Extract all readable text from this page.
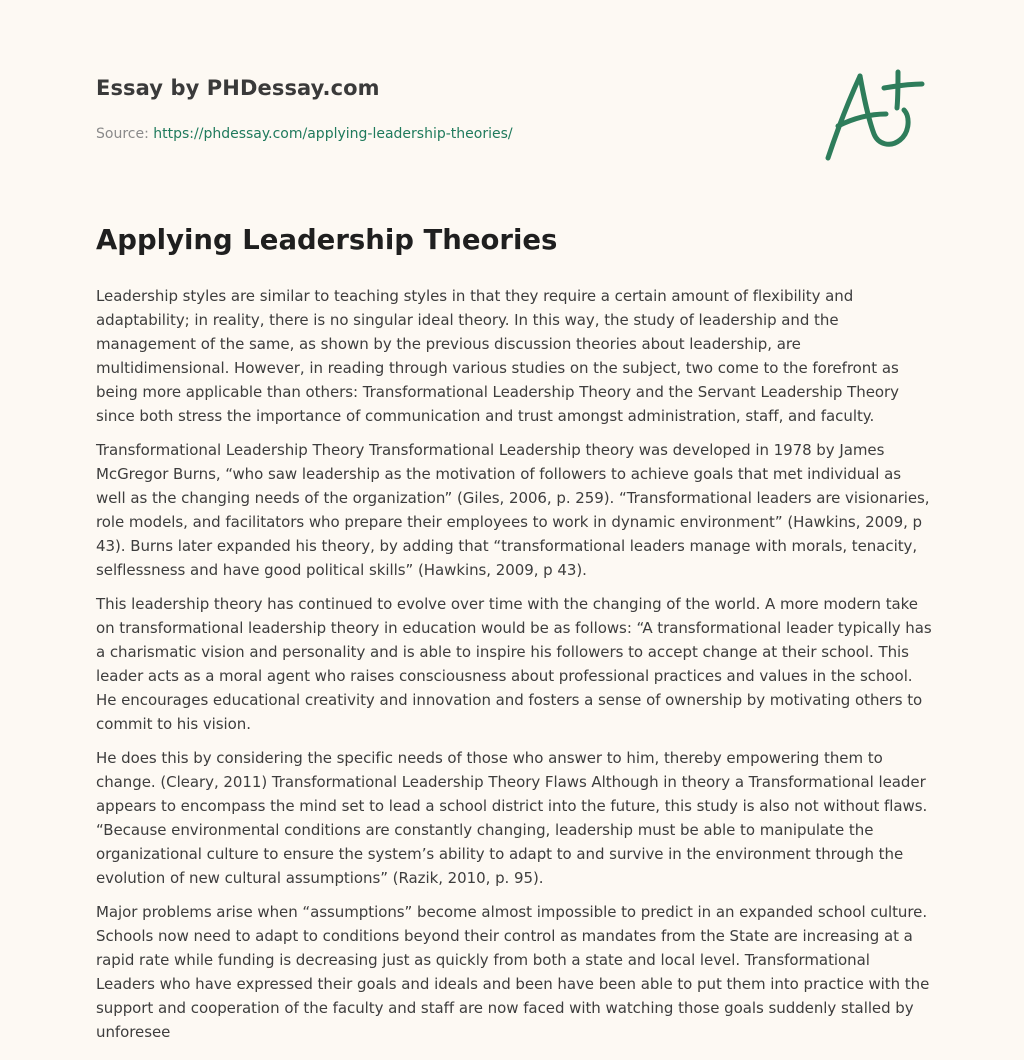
Essay by PHDessay.com
Source: https://phdessay.com/applying-leadership-theories/
Applying Leadership Theories

Leadership styles are similar to teaching styles in that they require a certain amount of flexibility and adaptability; in reality, there is no singular ideal theory. In this way, the study of leadership and the management of the same, as shown by the previous discussion theories about leadership, are multidimensional. However, in reading through various studies on the subject, two come to the forefront as being more applicable than others: Transformational Leadership Theory and the Servant Leadership Theory since both stress the importance of communication and trust amongst administration, staff, and faculty.

Transformational Leadership Theory Transformational Leadership theory was developed in 1978 by James McGregor Burns, “who saw leadership as the motivation of followers to achieve goals that met individual as well as the changing needs of the organization” (Giles, 2006, p. 259). “Transformational leaders are visionaries, role models, and facilitators who prepare their employees to work in dynamic environment” (Hawkins, 2009, p 43). Burns later expanded his theory, by adding that “transformational leaders manage with morals, tenacity, selflessness and have good political skills” (Hawkins, 2009, p 43).

This leadership theory has continued to evolve over time with the changing of the world. A more modern take on transformational leadership theory in education would be as follows: “A transformational leader typically has a charismatic vision and personality and is able to inspire his followers to accept change at their school. This leader acts as a moral agent who raises consciousness about professional practices and values in the school. He encourages educational creativity and innovation and fosters a sense of ownership by motivating others to commit to his vision.

He does this by considering the specific needs of those who answer to him, thereby empowering them to change. (Cleary, 2011) Transformational Leadership Theory Flaws Although in theory a Transformational leader appears to encompass the mind set to lead a school district into the future, this study is also not without flaws. “Because environmental conditions are constantly changing, leadership must be able to manipulate the organizational culture to ensure the system’s ability to adapt to and survive in the environment through the evolution of new cultural assumptions” (Razik, 2010, p. 95).

Major problems arise when “assumptions” become almost impossible to predict in an expanded school culture. Schools now need to adapt to conditions beyond their control as mandates from the State are increasing at a rapid rate while funding is decreasing just as quickly from both a state and local level. Transformational Leaders who have expressed their goals and ideals and been have been able to put them into practice with the support and cooperation of the faculty and staff are now faced with watching those goals suddenly stalled by unforesee
